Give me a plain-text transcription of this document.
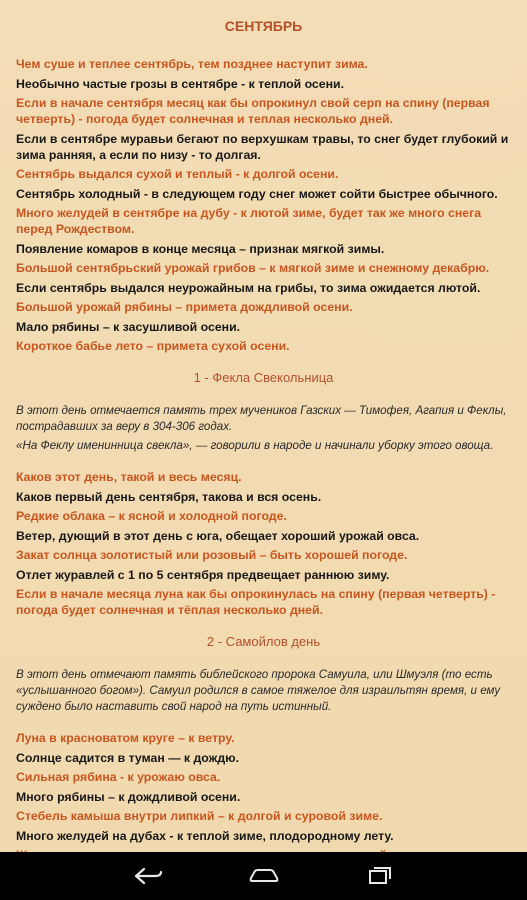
СЕНТЯБРЬ

Чем суше и теплее сентябрь, тем позднее наступит зима.

Необычно частые грозы в сентябре - к теплой осени.

Если в начале сентября месяц как бы опрокинул свой серп на спину (первая четверть) - погода будет солнечная и теплая несколько дней.

Если в сентябре муравьи бегают по верхушкам травы, то снег будет глубокий и зима ранняя, а если по низу - то долгая.

Сентябрь выдался сухой и теплый - к долгой осени.

Сентябрь холодный - в следующем году снег может сойти быстрее обычного.

Много желудей в сентябре на дубу - к лютой зиме, будет так же много снега перед Рождеством.

Появление комаров в конце месяца – признак мягкой зимы.

Большой сентябрьский урожай грибов – к мягкой зиме и снежному декабрю.

Если сентябрь выдался неурожайным на грибы, то зима ожидается лютой.

Большой урожай рябины – примета дождливой осени.

Мало рябины – к засушливой осени.

Короткое бабье лето – примета сухой осени.

1 - Фекла Свекольница

В этот день отмечается память трех мучеников Газских — Тимофея, Агапия и Феклы, пострадавших за веру в 304-306 годах.

«На Феклу именинница свекла», — говорили в народе и начинали уборку этого овоща.

Каков этот день, такой и весь месяц.

Каков первый день сентября, такова и вся осень.

Редкие облака – к ясной и холодной погоде.

Ветер, дующий в этот день с юга, обещает хороший урожай овса.

Закат солнца золотистый или розовый – быть хорошей погоде.

Отлет журавлей с 1 по 5 сентября предвещает раннюю зиму.

Если в начале месяца луна как бы опрокинулась на спину (первая четверть) - погода будет солнечная и тёплая несколько дней.

2 - Самойлов день

В этот день отмечают память библейского пророка Самуила, или Шмуэля (то есть «услышанного богом»). Самуил родился в самое тяжелое для израильтян время, и ему суждено было наставить свой народ на путь истинный.

Луна в красноватом круге – к ветру.

Солнце садится в туман — к дождю.

Сильная рябина - к урожаю овса.

Много рябины – к дождливой осени.

Стебель камыша внутри липкий – к долгой и суровой зиме.

Много желудей на дубах - к теплой зиме, плодородному лету.
